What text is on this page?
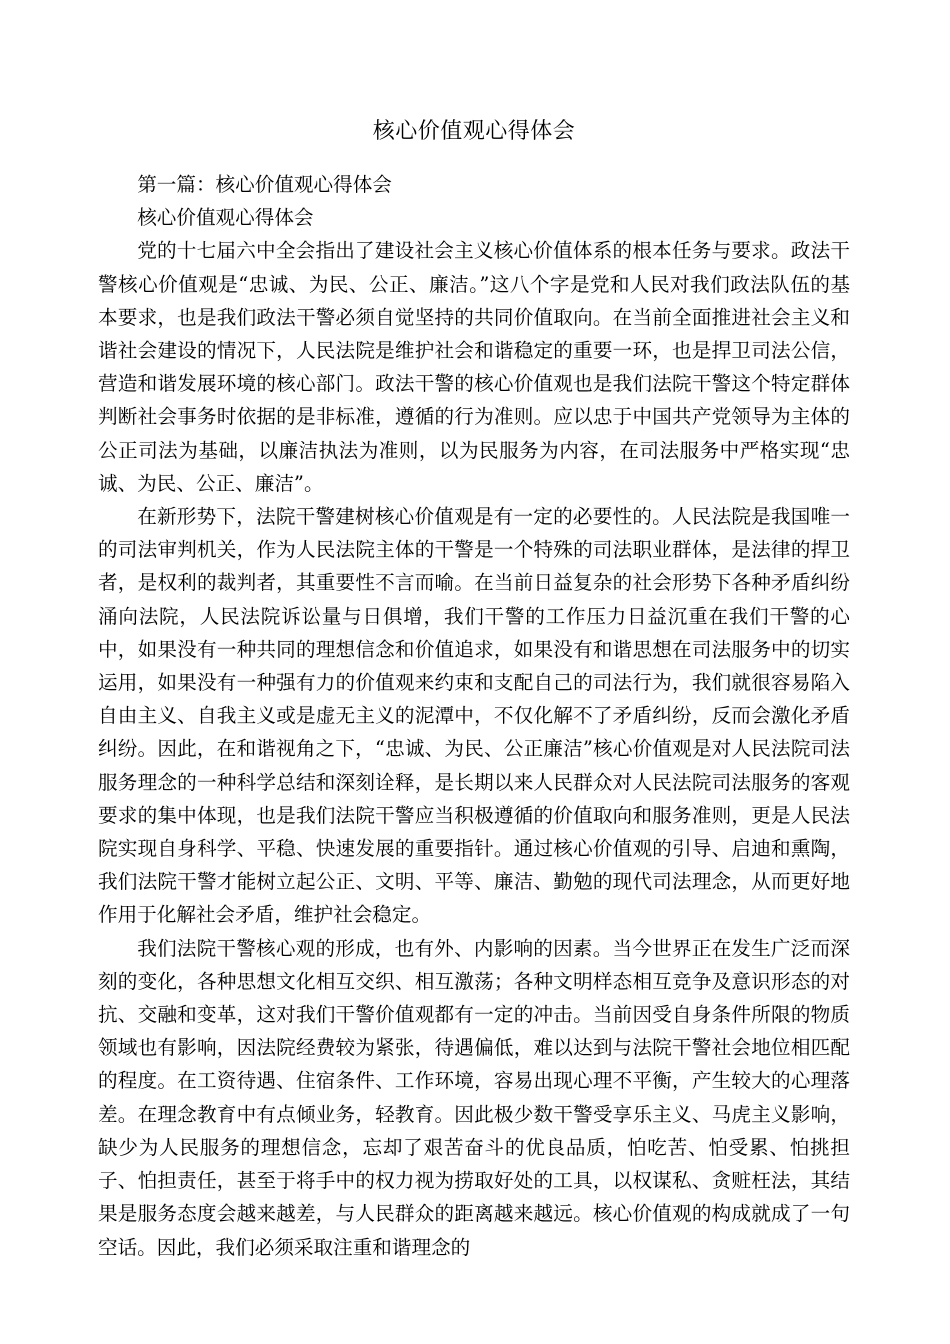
核心价值观心得体会

第一篇：核心价值观心得体会

核心价值观心得体会

党的十七届六中全会指出了建设社会主义核心价值体系的根本任务与要求。政法干警核心价值观是“忠诚、为民、公正、廉洁。”这八个字是党和人民对我们政法队伍的基本要求，也是我们政法干警必须自觉坚持的共同价值取向。在当前全面推进社会主义和谐社会建设的情况下，人民法院是维护社会和谐稳定的重要一环，也是捍卫司法公信，营造和谐发展环境的核心部门。政法干警的核心价值观也是我们法院干警这个特定群体判断社会事务时依据的是非标准，遵循的行为准则。应以忠于中国共产党领导为主体的公正司法为基础，以廉洁执法为准则，以为民服务为内容，在司法服务中严格实现“忠诚、为民、公正、廉洁”。

在新形势下，法院干警建树核心价值观是有一定的必要性的。人民法院是我国唯一的司法审判机关，作为人民法院主体的干警是一个特殊的司法职业群体，是法律的捍卫者，是权利的裁判者，其重要性不言而喻。在当前日益复杂的社会形势下各种矛盾纠纷涌向法院，人民法院诉讼量与日俱增，我们干警的工作压力日益沉重在我们干警的心中，如果没有一种共同的理想信念和价值追求，如果没有和谐思想在司法服务中的切实运用，如果没有一种强有力的价值观来约束和支配自己的司法行为，我们就很容易陷入自由主义、自我主义或是虚无主义的泥潭中，不仅化解不了矛盾纠纷，反而会激化矛盾纠纷。因此，在和谐视角之下，“忠诚、为民、公正廉洁”核心价值观是对人民法院司法服务理念的一种科学总结和深刻诠释，是长期以来人民群众对人民法院司法服务的客观要求的集中体现，也是我们法院干警应当积极遵循的价值取向和服务准则，更是人民法院实现自身科学、平稳、快速发展的重要指针。通过核心价值观的引导、启迪和熏陶，我们法院干警才能树立起公正、文明、平等、廉洁、勤勉的现代司法理念，从而更好地作用于化解社会矛盾，维护社会稳定。

我们法院干警核心观的形成，也有外、内影响的因素。当今世界正在发生广泛而深刻的变化，各种思想文化相互交织、相互激荡；各种文明样态相互竞争及意识形态的对抗、交融和变革，这对我们干警价值观都有一定的冲击。当前因受自身条件所限的物质领域也有影响，因法院经费较为紧张，待遇偏低，难以达到与法院干警社会地位相匹配的程度。在工资待遇、住宿条件、工作环境，容易出现心理不平衡，产生较大的心理落差。在理念教育中有点倾业务，轻教育。因此极少数干警受享乐主义、马虎主义影响，缺少为人民服务的理想信念，忘却了艰苦奋斗的优良品质，怕吃苦、怕受累、怕挑担子、怕担责任，甚至于将手中的权力视为捞取好处的工具，以权谋私、贪赃枉法，其结果是服务态度会越来越差，与人民群众的距离越来越远。核心价值观的构成就成了一句空话。因此，我们必须采取注重和谐理念的
